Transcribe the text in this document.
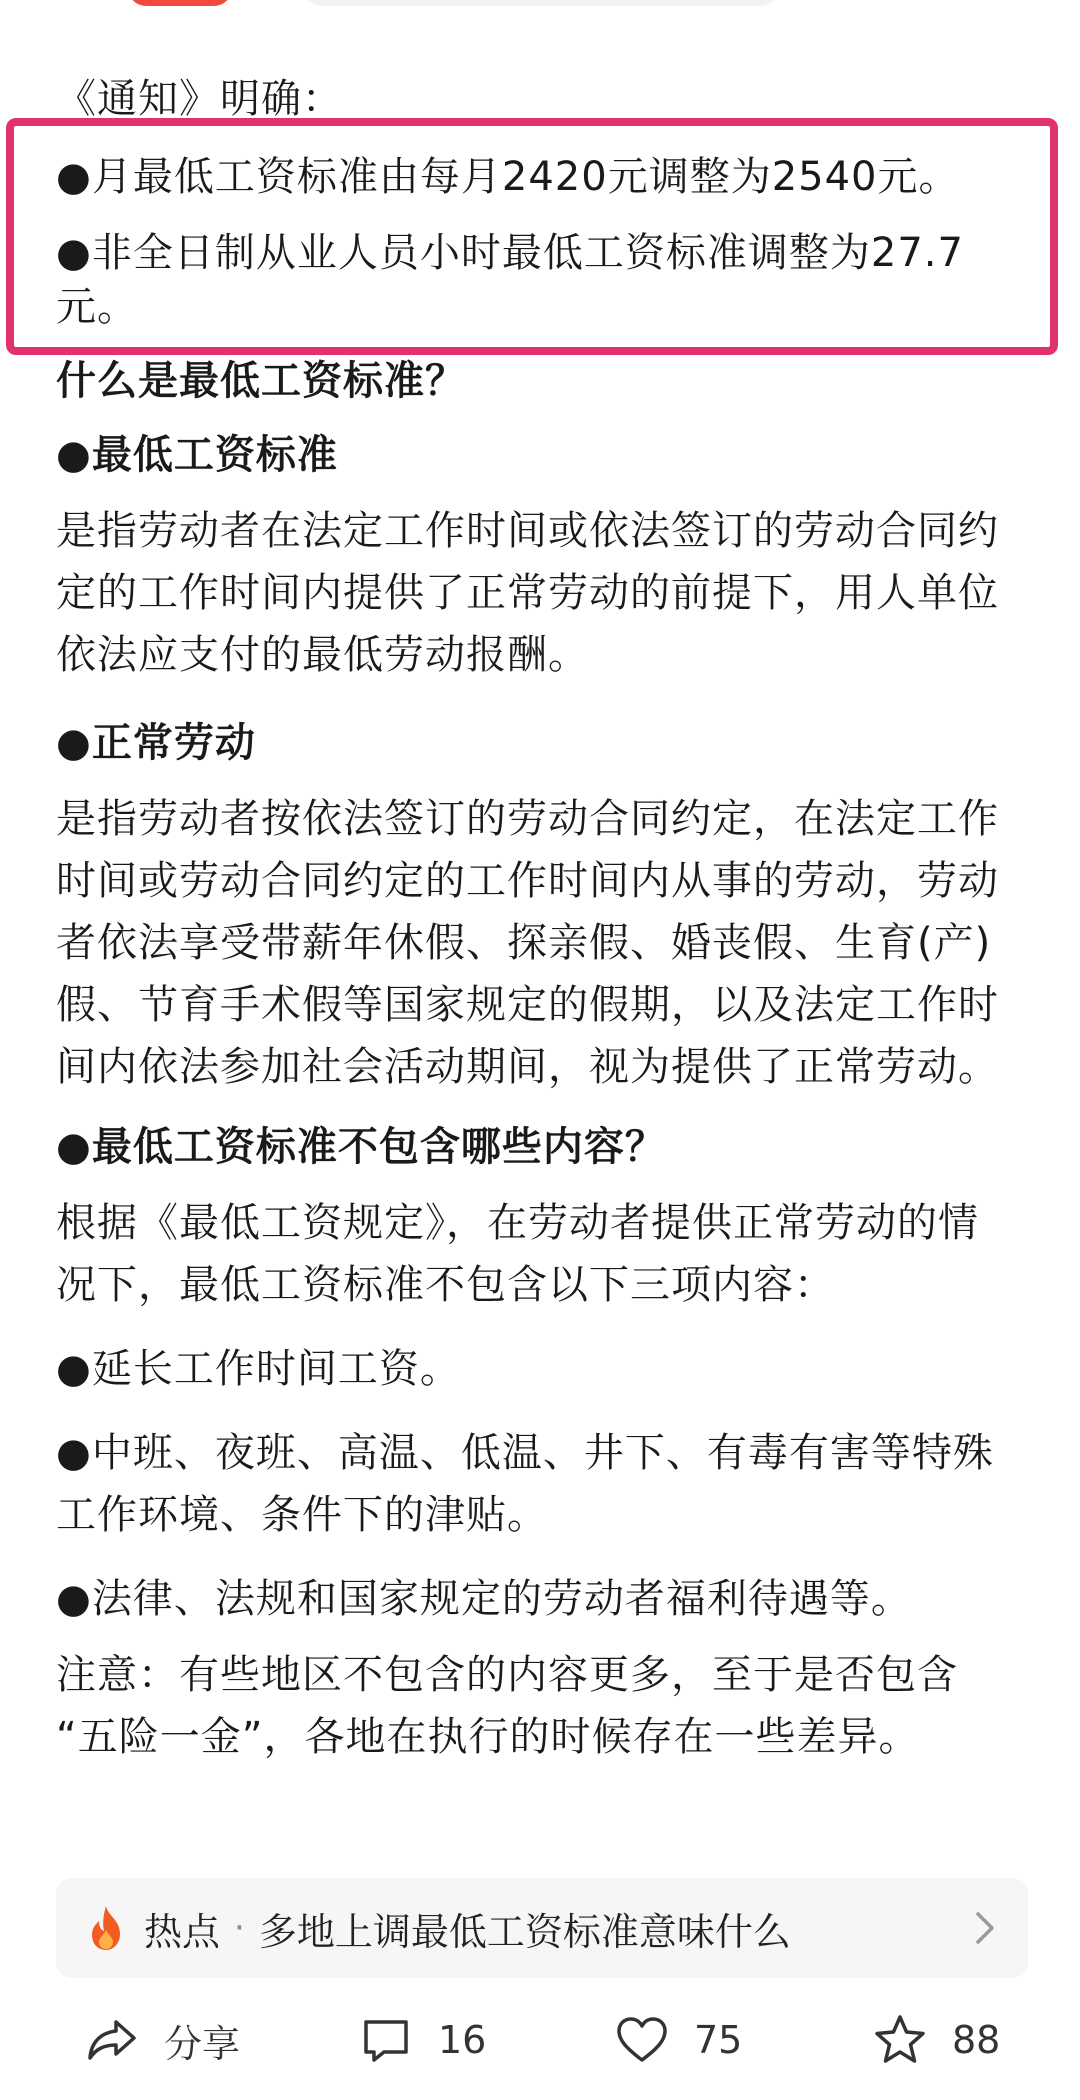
《通知》明确：

●月最低工资标准由每月2420元调整为2540元。

●非全日制从业人员小时最低工资标准调整为27.7

元。

什么是最低工资标准？

●最低工资标准

是指劳动者在法定工作时间或依法签订的劳动合同约

定的工作时间内提供了正常劳动的前提下，用人单位

依法应支付的最低劳动报酬。

●正常劳动

是指劳动者按依法签订的劳动合同约定，在法定工作

时间或劳动合同约定的工作时间内从事的劳动，劳动

者依法享受带薪年休假、探亲假、婚丧假、生育(产)

假、节育手术假等国家规定的假期，以及法定工作时

间内依法参加社会活动期间，视为提供了正常劳动。

●最低工资标准不包含哪些内容？

根据《最低工资规定》，在劳动者提供正常劳动的情

况下，最低工资标准不包含以下三项内容：

●延长工作时间工资。

●中班、夜班、高温、低温、井下、有毒有害等特殊

工作环境、条件下的津贴。

●法律、法规和国家规定的劳动者福利待遇等。

注意：有些地区不包含的内容更多，至于是否包含

“五险一金”，各地在执行的时候存在一些差异。

热点 · 多地上调最低工资标准意味什么
分享	16	75	88
